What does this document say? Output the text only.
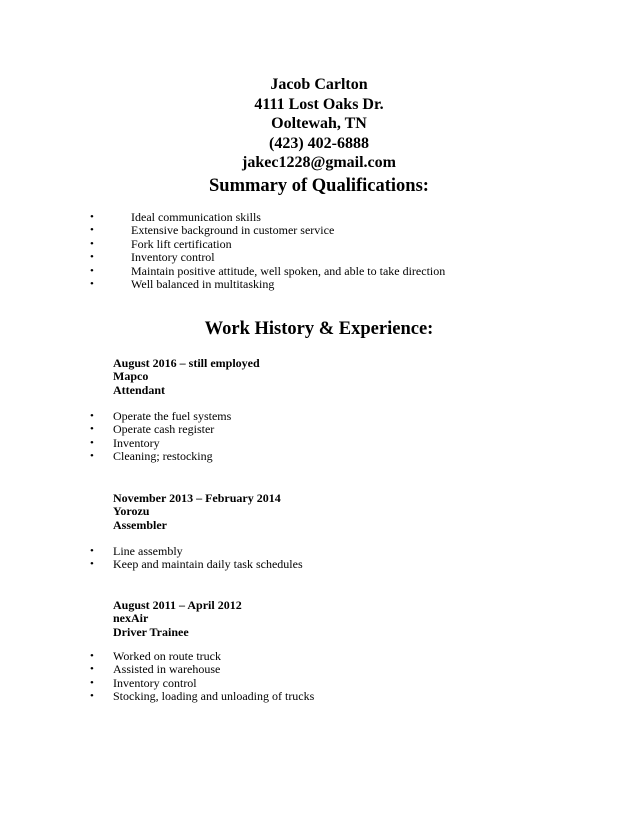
Jacob Carlton
4111 Lost Oaks Dr.
Ooltewah, TN
(423) 402-6888
jakec1228@gmail.com
Summary of Qualifications:
•	Ideal communication skills
•	Extensive background in customer service
•	Fork lift certification
•	Inventory control
•	Maintain positive attitude, well spoken, and able to take direction
•	Well balanced in multitasking
Work History & Experience:
August 2016 – still employed
Mapco
Attendant
• Operate the fuel systems
• Operate cash register
• Inventory
• Cleaning; restocking
November 2013 – February 2014
Yorozu
Assembler
• Line assembly
• Keep and maintain daily task schedules
August 2011 – April 2012
nexAir
Driver Trainee
• Worked on route truck
• Assisted in warehouse
• Inventory control
• Stocking, loading and unloading of trucks
